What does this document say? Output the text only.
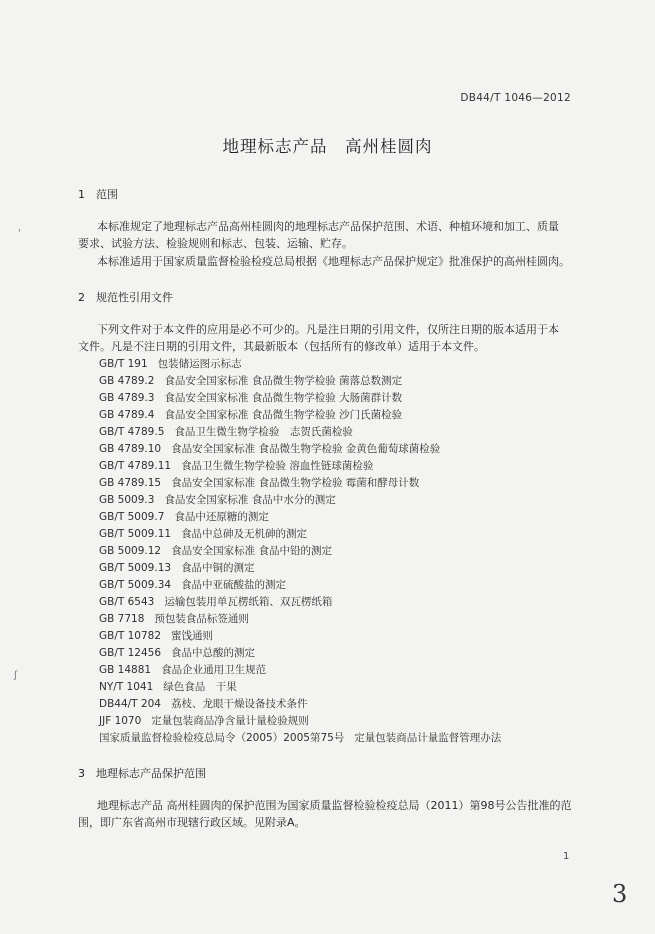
'
ʃ
DB44/T 1046—2012
地理标志产品　高州桂圆肉
1 范围
本标准规定了地理标志产品高州桂圆肉的地理标志产品保护范围、术语、种植环境和加工、质量
要求、试验方法、检验规则和标志、包装、运输、贮存。
本标准适用于国家质量监督检验检疫总局根据《地理标志产品保护规定》批准保护的高州桂圆肉。
2 规范性引用文件
下列文件对于本文件的应用是必不可少的。凡是注日期的引用文件，仅所注日期的版本适用于本
文件。凡是不注日期的引用文件，其最新版本（包括所有的修改单）适用于本文件。
GB/T 191 包装储运图示标志
GB 4789.2 食品安全国家标准 食品微生物学检验 菌落总数测定
GB 4789.3 食品安全国家标准 食品微生物学检验 大肠菌群计数
GB 4789.4 食品安全国家标准 食品微生物学检验 沙门氏菌检验
GB/T 4789.5 食品卫生微生物学检验　志贺氏菌检验
GB 4789.10 食品安全国家标准 食品微生物学检验 金黄色葡萄球菌检验
GB/T 4789.11 食品卫生微生物学检验 溶血性链球菌检验
GB 4789.15 食品安全国家标准 食品微生物学检验 霉菌和酵母计数
GB 5009.3 食品安全国家标准 食品中水分的测定
GB/T 5009.7 食品中还原糖的测定
GB/T 5009.11 食品中总砷及无机砷的测定
GB 5009.12 食品安全国家标准 食品中铅的测定
GB/T 5009.13 食品中铜的测定
GB/T 5009.34 食品中亚硫酸盐的测定
GB/T 6543 运输包装用单瓦楞纸箱、双瓦楞纸箱
GB 7718 预包装食品标签通则
GB/T 10782 蜜饯通则
GB/T 12456 食品中总酸的测定
GB 14881 食品企业通用卫生规范
NY/T 1041 绿色食品　干果
DB44/T 204 荔枝、龙眼干燥设备技术条件
JJF 1070 定量包装商品净含量计量检验规则
国家质量监督检验检疫总局令（2005）2005第75号 定量包装商品计量监督管理办法
3 地理标志产品保护范围
地理标志产品 高州桂圆肉的保护范围为国家质量监督检验检疫总局（2011）第98号公告批准的范
围，即广东省高州市现辖行政区域。见附录A。
1
3
